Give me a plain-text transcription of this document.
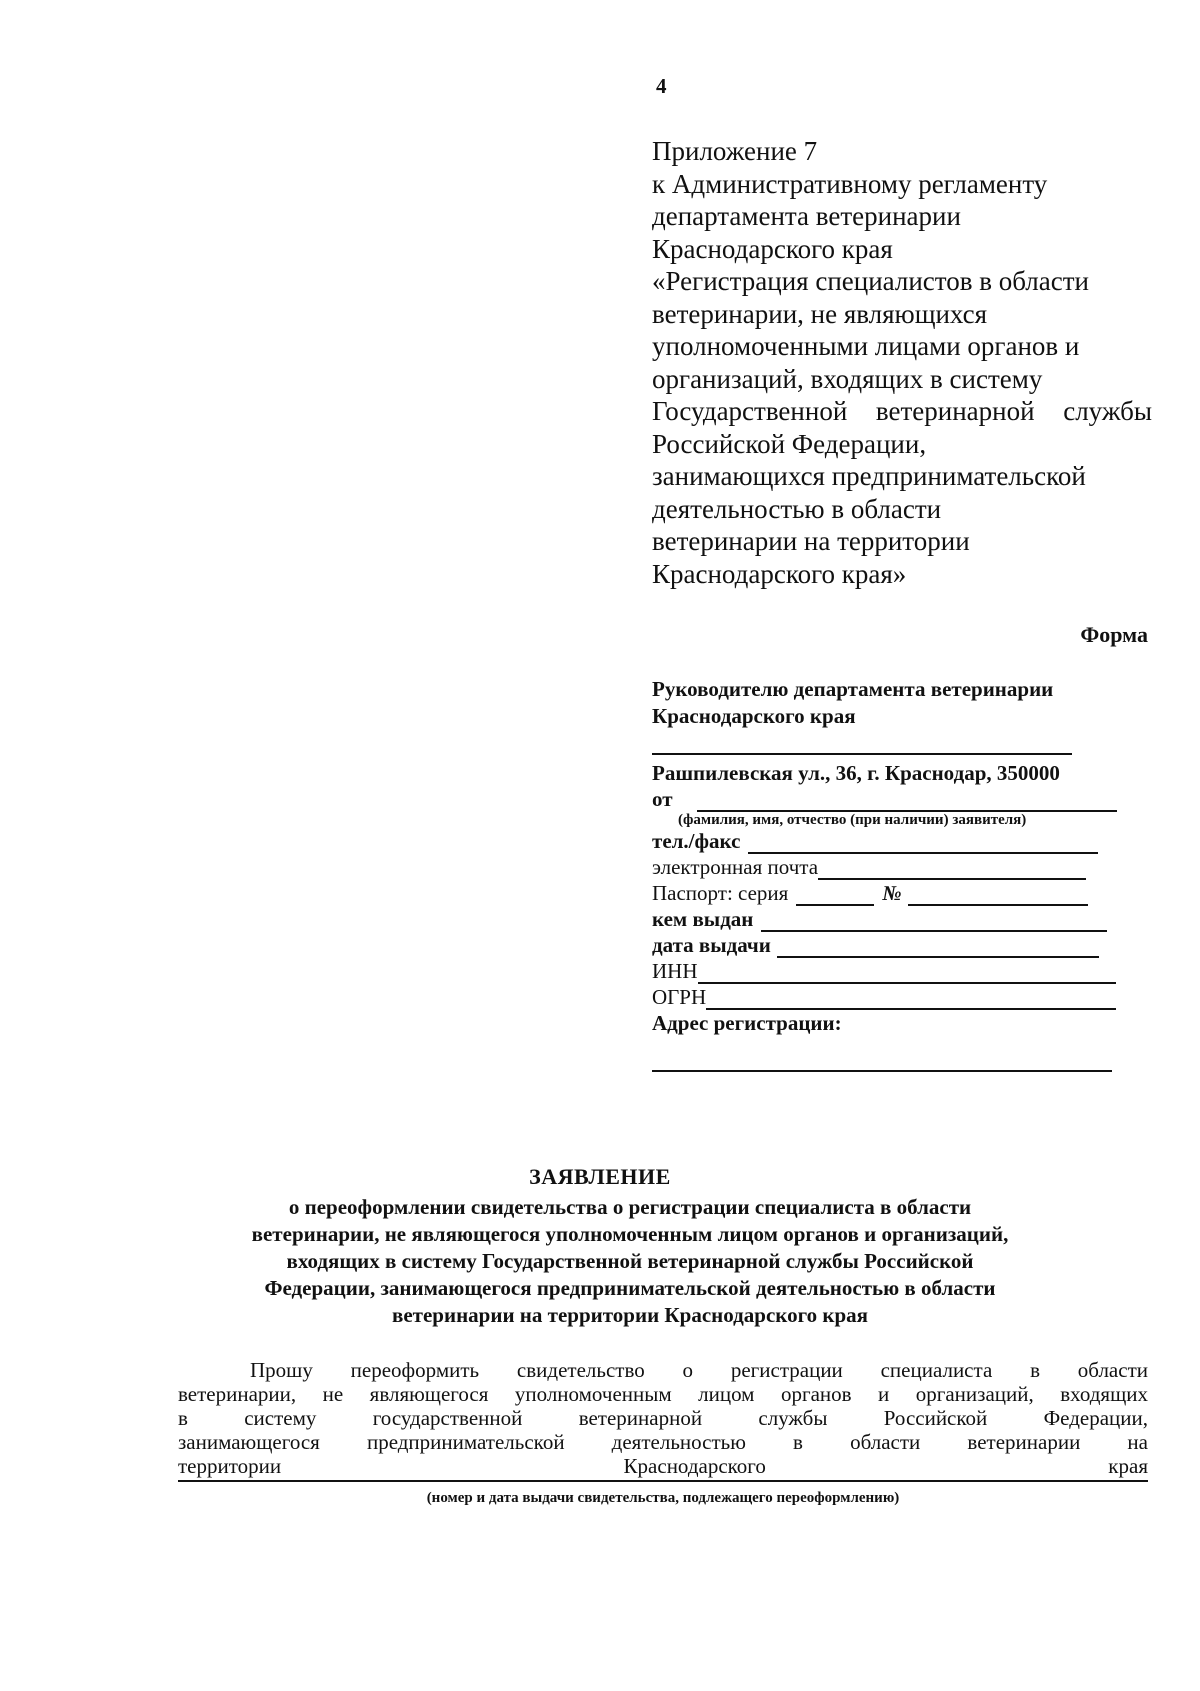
4
Приложение 7
к Административному регламенту
департамента ветеринарии
Краснодарского края
«Регистрация специалистов в области
ветеринарии, не являющихся
уполномоченными лицами органов и
организаций, входящих в систему
Государственной ветеринарной службы
Российской Федерации,
занимающихся предпринимательской
деятельностью в области
ветеринарии на территории
Краснодарского края»
Форма
Руководителю департамента ветеринарии
Краснодарского края
Рашпилевская ул., 36, г. Краснодар, 350000
от
(фамилия, имя, отчество (при наличии) заявителя)
тел./факс
электронная почта
Паспорт: серия	№
кем выдан
дата выдачи
ИНН
ОГРН
Адрес регистрации:
ЗАЯВЛЕНИЕ
о переоформлении свидетельства о регистрации специалиста в области
ветеринарии, не являющегося уполномоченным лицом органов и организаций,
входящих в систему Государственной ветеринарной службы Российской
Федерации, занимающегося предпринимательской деятельностью в области
ветеринарии на территории Краснодарского края
Прошу переоформить свидетельство о регистрации специалиста в области
ветеринарии, не являющегося уполномоченным лицом органов и организаций, входящих
в систему государственной ветеринарной службы Российской Федерации,
занимающегося предпринимательской деятельностью в области ветеринарии на
территории Краснодарского края
(номер и дата выдачи свидетельства, подлежащего переоформлению)
